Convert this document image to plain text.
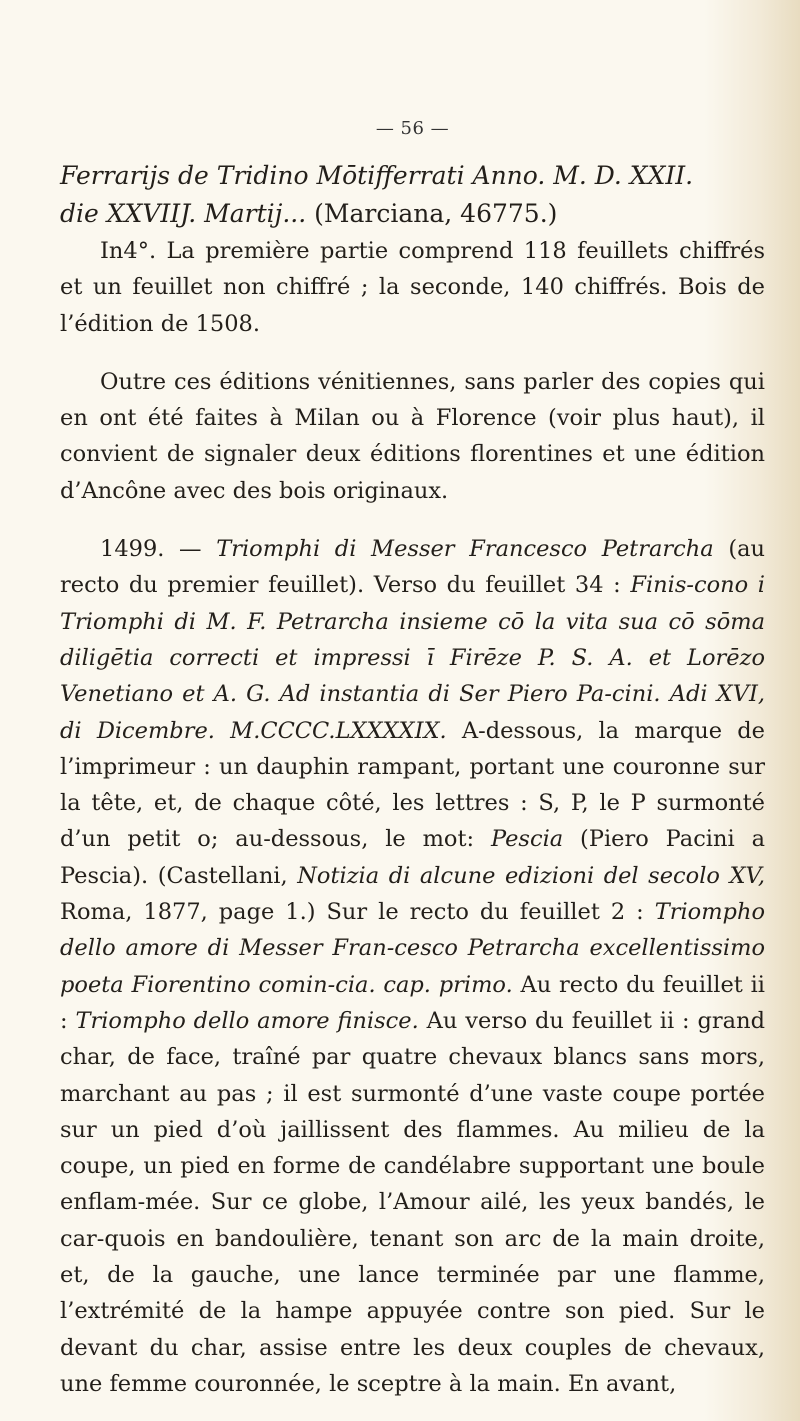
— 56 —

Ferrarijs de Tridino Mōtifferrati Anno. M. D. XXII.
die XXVIIJ. Martij... (Marciana, 46775.)

In4°. La première partie comprend 118 feuillets chiffrés et un feuillet non chiffré ; la seconde, 140 chiffrés. Bois de l’édition de 1508.

Outre ces éditions vénitiennes, sans parler des copies qui en ont été faites à Milan ou à Florence (voir plus haut), il convient de signaler deux éditions florentines et une édition d’Ancône avec des bois originaux.

1499. — Triomphi di Messer Francesco Petrarcha (au recto du premier feuillet). Verso du feuillet 34 : Finis-cono i Triomphi di M. F. Petrarcha insieme cō la vita sua cō sōma diligētia correcti et impressi ī Firēze P. S. A. et Lorēzo Venetiano et A. G. Ad instantia di Ser Piero Pa-cini. Adi XVI, di Dicembre. M.CCCC.LXXXXIX. A-dessous, la marque de l’imprimeur : un dauphin rampant, portant une couronne sur la tête, et, de chaque côté, les lettres : S, P, le P surmonté d’un petit o; au-dessous, le mot: Pescia (Piero Pacini a Pescia). (Castellani, Notizia di alcune edizioni del secolo XV, Roma, 1877, page 1.) Sur le recto du feuillet 2 : Triompho dello amore di Messer Fran-cesco Petrarcha excellentissimo poeta Fiorentino comin-cia. cap. primo. Au recto du feuillet ii : Triompho dello amore finisce. Au verso du feuillet ii : grand char, de face, traîné par quatre chevaux blancs sans mors, marchant au pas ; il est surmonté d’une vaste coupe portée sur un pied d’où jaillissent des flammes. Au milieu de la coupe, un pied en forme de candélabre supportant une boule enflam-mée. Sur ce globe, l’Amour ailé, les yeux bandés, le car-quois en bandoulière, tenant son arc de la main droite, et, de la gauche, une lance terminée par une flamme, l’extrémité de la hampe appuyée contre son pied. Sur le devant du char, assise entre les deux couples de chevaux, une femme couronnée, le sceptre à la main. En avant,
